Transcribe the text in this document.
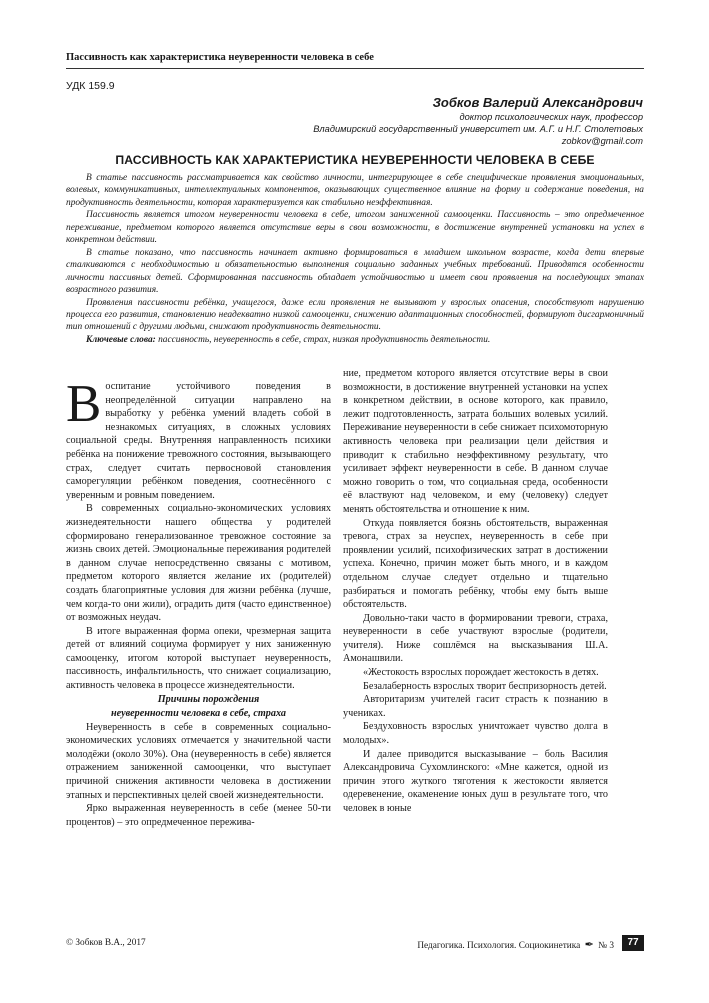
Пассивность как характеристика неуверенности человека в себе
УДК 159.9
Зобков Валерий Александрович
доктор психологических наук, профессор
Владимирский государственный университет им. А.Г. и Н.Г. Столетовых
zobkov@gmail.com
ПАССИВНОСТЬ КАК ХАРАКТЕРИСТИКА НЕУВЕРЕННОСТИ ЧЕЛОВЕКА В СЕБЕ

В статье пассивность рассматривается как свойство личности, интегрирующее в себе специфические проявления эмоциональных, волевых, коммуникативных, интеллектуальных компонентов, оказывающих существенное влияние на форму и содержание поведения, на продуктивность деятельности, которая характеризуется как стабильно неэффективная.

Пассивность является итогом неуверенности человека в себе, итогом заниженной самооценки. Пассивность – это опредмеченное переживание, предметом которого является отсутствие веры в свои возможности, в достижение внутренней установки на успех в конкретном действии.

В статье показано, что пассивность начинает активно формироваться в младшем школьном возрасте, когда дети впервые сталкиваются с необходимостью и обязательностью выполнения социально заданных учебных требований. Приводятся особенности личности пассивных детей. Сформированная пассивность обладает устойчивостью и имеет свои проявления на последующих этапах возрастного развития.

Проявления пассивности ребёнка, учащегося, даже если проявления не вызывают у взрослых опасения, способствуют нарушению процесса его развития, становлению неадекватно низкой самооценки, снижению адаптационных способностей, формируют дисгармоничный тип отношений с другими людьми, снижают продуктивность деятельности.

Ключевые слова: пассивность, неуверенность в себе, страх, низкая продуктивность деятельности.

Воспитание устойчивого поведения в неопределённой ситуации направлено на выработку у ребёнка умений владеть собой в незнакомых ситуациях, в сложных условиях социальной среды. Внутренняя направленность психики ребёнка на понижение тревожного состояния, вызывающего страх, следует считать первосновой становления саморегуляции ребёнком поведения, соотнесённого с уверенным и ровным поведением.

В современных социально-экономических условиях жизнедеятельности нашего общества у родителей сформировано генерализованное тревожное состояние за жизнь своих детей. Эмоциональные переживания родителей в данном случае непосредственно связаны с мотивом, предметом которого является желание их (родителей) создать благоприятные условия для жизни ребёнка (лучше, чем когда-то они жили), оградить дитя (часто единственное) от возможных неудач.

В итоге выраженная форма опеки, чрезмерная защита детей от влияний социума формирует у них заниженную самооценку, итогом которой выступает неуверенность, пассивность, инфальтильность, что снижает социализацию, активность человека в процессе жизнедеятельности.

Причины порождения
неуверенности человека в себе, страха

Неуверенность в себе в современных социально-экономических условиях отмечается у значительной части молодёжи (около 30%). Она (неуверенность в себе) является отражением заниженной самооценки, что выступает причиной снижения активности человека в достижении этапных и перспективных целей своей жизнедеятельности.

Ярко выраженная неуверенность в себе (менее 50-ти процентов) – это опредмеченное пережива-

ние, предметом которого является отсутствие веры в свои возможности, в достижение внутренней установки на успех в конкретном действии, в основе которого, как правило, лежит подготовленность, затрата больших волевых усилий. Переживание неуверенности в себе снижает психомоторную активность человека при реализации цели действия и приводит к стабильно неэффективному результату, что усиливает эффект неуверенности в себе. В данном случае можно говорить о том, что социальная среда, особенности её властвуют над человеком, и ему (человеку) следует менять обстоятельства и отношение к ним.

Откуда появляется боязнь обстоятельств, выраженная тревога, страх за неуспех, неуверенность в себе при проявлении усилий, психофизических затрат в достижении успеха. Конечно, причин может быть много, и в каждом отдельном случае следует отдельно и тщательно разбираться и помогать ребёнку, чтобы ему быть выше обстоятельств.

Довольно-таки часто в формировании тревоги, страха, неуверенности в себе участвуют взрослые (родители, учителя). Ниже сошлёмся на высказывания Ш.А. Амонашвили.

«Жестокость взрослых порождает жестокость в детях.

Безалаберность взрослых творит беспризорность детей.

Авторитаризм учителей гасит страсть к познанию в учениках.

Бездуховность взрослых уничтожает чувство долга в молодых».

И далее приводится высказывание – боль Василия Александровича Сухомлинского: «Мне кажется, одной из причин этого жуткого тяготения к жестокости является одеревенение, окаменение юных душ в результате того, что человек в юные

© Зобков В.А., 2017	Педагогика. Психология. Социокинетика ✒ № 3	77
